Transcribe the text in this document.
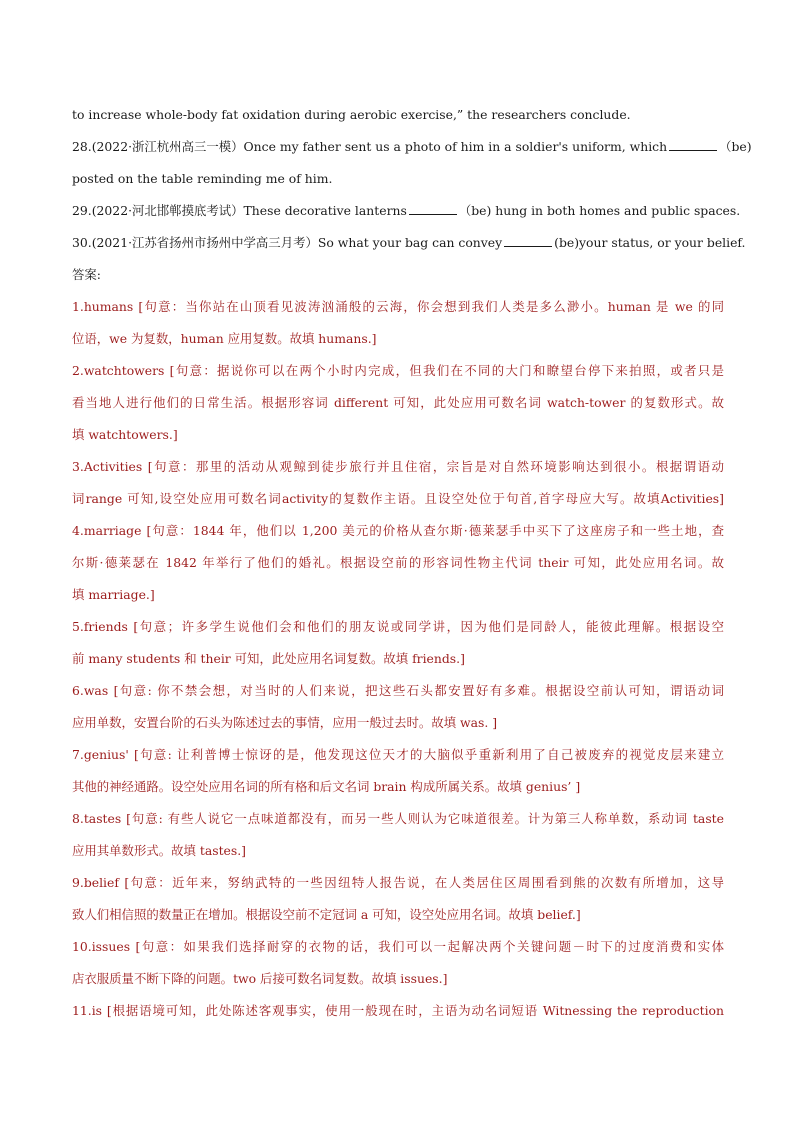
to increase whole-body fat oxidation during aerobic exercise,” the researchers conclude.
28.(2022·浙江杭州高三一模）Once my father sent us a photo of him in a soldier's uniform, which	（be)
posted on the table reminding me of him.
29.(2022·河北邯郸摸底考试）These decorative lanterns	（be) hung in both homes and public spaces.
30.(2021·江苏省扬州市扬州中学高三月考）So what your bag can convey	(be)your status, or your belief.
答案:
1.humans [句意：当你站在山顶看见波涛汹涌般的云海，你会想到我们人类是多么渺小。human 是 we 的同
位语，we 为复数，human 应用复数。故填 humans.]
2.watchtowers [句意：据说你可以在两个小时内完成，但我们在不同的大门和瞭望台停下来拍照，或者只是
看当地人进行他们的日常生活。根据形容词 different 可知，此处应用可数名词 watch-tower 的复数形式。故
填 watchtowers.]
3.Activities [句意：那里的活动从观鲸到徒步旅行并且住宿，宗旨是对自然环境影响达到很小。根据谓语动
词range 可知,设空处应用可数名词activity的复数作主语。且设空处位于句首,首字母应大写。故填Activities]
4.marriage [句意：1844 年，他们以 1,200 美元的价格从查尔斯·德莱瑟手中买下了这座房子和一些土地，查
尔斯·德莱瑟在 1842 年举行了他们的婚礼。根据设空前的形容词性物主代词 their 可知，此处应用名词。故
填 marriage.]
5.friends [句意；许多学生说他们会和他们的朋友说或同学讲，因为他们是同龄人，能彼此理解。根据设空
前 many students 和 their 可知，此处应用名词复数。故填 friends.]
6.was [句意: 你不禁会想，对当时的人们来说，把这些石头都安置好有多难。根据设空前认可知，谓语动词
应用单数，安置台阶的石头为陈述过去的事情，应用一般过去时。故填 was. ]
7.genius' [句意: 让利普博士惊讶的是，他发现这位天才的大脑似乎重新利用了自己被废弃的视觉皮层来建立
其他的神经通路。设空处应用名词的所有格和后文名词 brain 构成所属关系。故填 genius’ ]
8.tastes [句意: 有些人说它一点味道都没有，而另一些人则认为它味道很差。计为第三人称单数，系动词 taste
应用其单数形式。故填 tastes.]
9.belief [句意：近年来，努纳武特的一些因纽特人报告说，在人类居住区周围看到熊的次数有所增加，这导
致人们相信照的数量正在增加。根据设空前不定冠词 a 可知，设空处应用名词。故填 belief.]
10.issues [句意：如果我们选择耐穿的衣物的话，我们可以一起解决两个关键问题－时下的过度消费和实体
店衣服质量不断下降的问题。two 后接可数名词复数。故填 issues.]
11.is [根据语境可知，此处陈述客观事实，使用一般现在时，主语为动名词短语 Witnessing the reproduction
